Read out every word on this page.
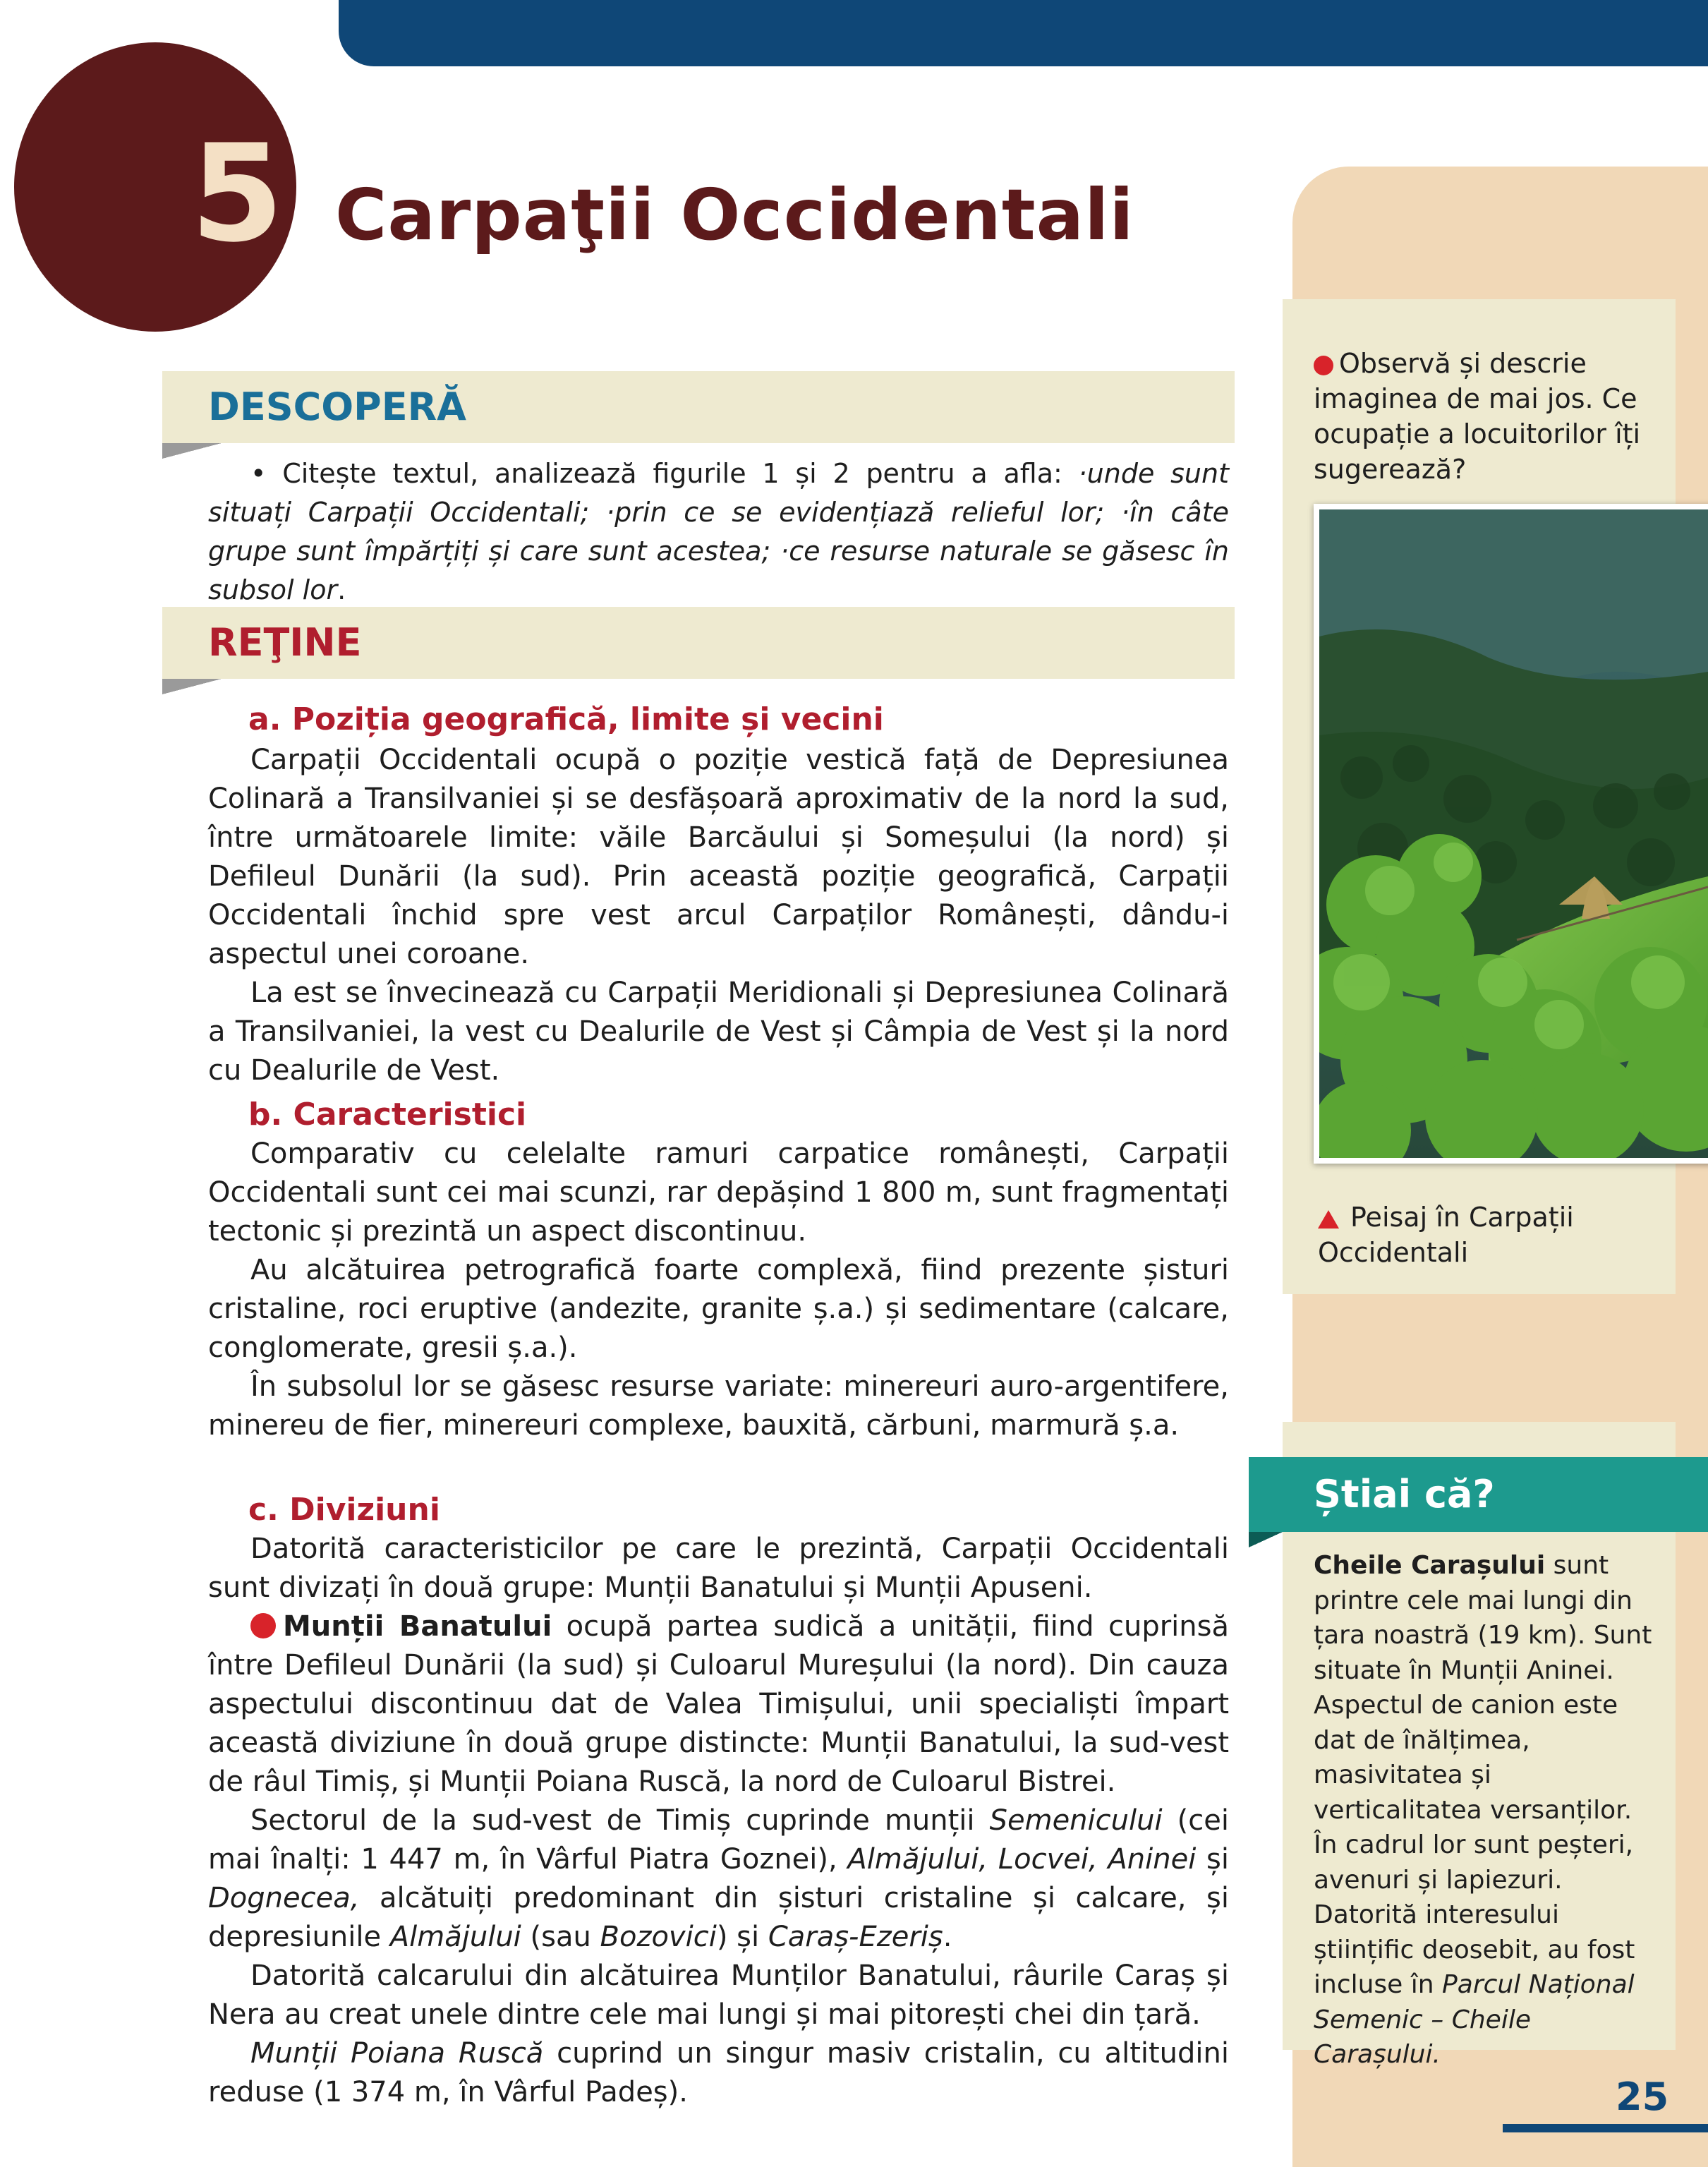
5 Carpaţii Occidentali
Observă și descrie imaginea de mai jos. Ce ocupație a locuitorilor îți sugerează?
Peisaj în Carpații Occidentali
Știai că?
Cheile Carașului sunt printre cele mai lungi din țara noastră (19 km). Sunt situate în Munții Aninei. Aspectul de canion este dat de înălțimea, masivitatea și verticalitatea versanților. În cadrul lor sunt peșteri, avenuri și lapiezuri. Datorită interesului științific deosebit, au fost incluse în Parcul Național Semenic – Cheile Carașului.
25
DESCOPERĂ

• Citește textul, analizează figurile 1 și 2 pentru a afla: ·unde sunt situați Carpații Occidentali; ·prin ce se evidențiază relieful lor; ·în câte grupe sunt împărțiți și care sunt acestea; ·ce resurse naturale se găsesc în subsol lor.

REŢINE
a. Poziția geografică, limite și vecini

Carpații Occidentali ocupă o poziție vestică față de Depresiunea Colinară a Transilvaniei și se desfășoară aproximativ de la nord la sud, între următoarele limite: văile Barcăului și Someșului (la nord) și Defileul Dunării (la sud). Prin această poziție geografică, Carpații Occidentali închid spre vest arcul Carpaților Românești, dându-i aspectul unei coroane.

La est se învecinează cu Carpații Meridionali și Depresiunea Colinară a Transilvaniei, la vest cu Dealurile de Vest și Câmpia de Vest și la nord cu Dealurile de Vest.

b. Caracteristici

Comparativ cu celelalte ramuri carpatice românești, Carpații Occidentali sunt cei mai scunzi, rar depășind 1 800 m, sunt fragmentați tectonic și prezintă un aspect discontinuu.

Au alcătuirea petrografică foarte complexă, fiind prezente șisturi cristaline, roci eruptive (andezite, granite ș.a.) și sedimentare (calcare, conglomerate, gresii ș.a.).

În subsolul lor se găsesc resurse variate: minereuri auro-argentifere, minereu de fier, minereuri complexe, bauxită, cărbuni, marmură ș.a.

c. Diviziuni

Datorită caracteristicilor pe care le prezintă, Carpații Occidentali sunt divizați în două grupe: Munții Banatului și Munții Apuseni.

Munții Banatului ocupă partea sudică a unității, fiind cuprinsă între Defileul Dunării (la sud) și Culoarul Mureșului (la nord). Din cauza aspectului discontinuu dat de Valea Timișului, unii specialiști împart această diviziune în două grupe distincte: Munții Banatului, la sud-vest de râul Timiș, și Munții Poiana Ruscă, la nord de Culoarul Bistrei.

Sectorul de la sud-vest de Timiș cuprinde munții Semenicului (cei mai înalți: 1 447 m, în Vârful Piatra Goznei), Almăjului, Locvei, Aninei și Dognecea, alcătuiți predominant din șisturi cristaline și calcare, și depresiunile Almăjului (sau Bozovici) și Caraș-Ezeriș.

Datorită calcarului din alcătuirea Munților Banatului, râurile Caraș și Nera au creat unele dintre cele mai lungi și mai pitorești chei din țară.

Munții Poiana Ruscă cuprind un singur masiv cristalin, cu altitudini reduse (1 374 m, în Vârful Padeș).
